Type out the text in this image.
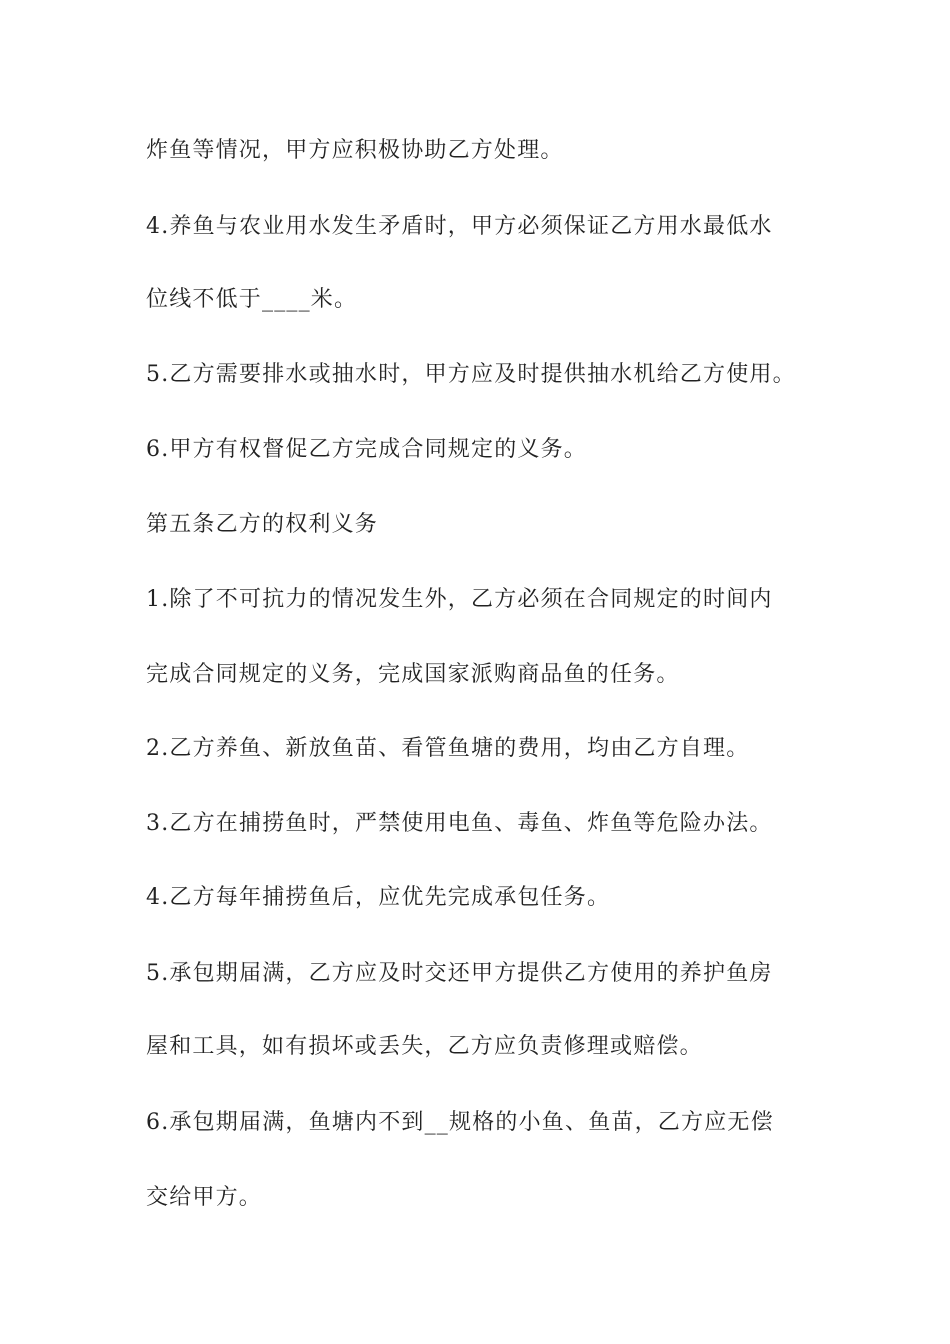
炸鱼等情况，甲方应积极协助乙方处理。
4.养鱼与农业用水发生矛盾时，甲方必须保证乙方用水最低水
位线不低于____米。
5.乙方需要排水或抽水时，甲方应及时提供抽水机给乙方使用。
6.甲方有权督促乙方完成合同规定的义务。
第五条乙方的权利义务
1.除了不可抗力的情况发生外，乙方必须在合同规定的时间内
完成合同规定的义务，完成国家派购商品鱼的任务。
2.乙方养鱼、新放鱼苗、看管鱼塘的费用，均由乙方自理。
3.乙方在捕捞鱼时，严禁使用电鱼、毒鱼、炸鱼等危险办法。
4.乙方每年捕捞鱼后，应优先完成承包任务。
5.承包期届满，乙方应及时交还甲方提供乙方使用的养护鱼房
屋和工具，如有损坏或丢失，乙方应负责修理或赔偿。
6.承包期届满，鱼塘内不到__规格的小鱼、鱼苗，乙方应无偿
交给甲方。
